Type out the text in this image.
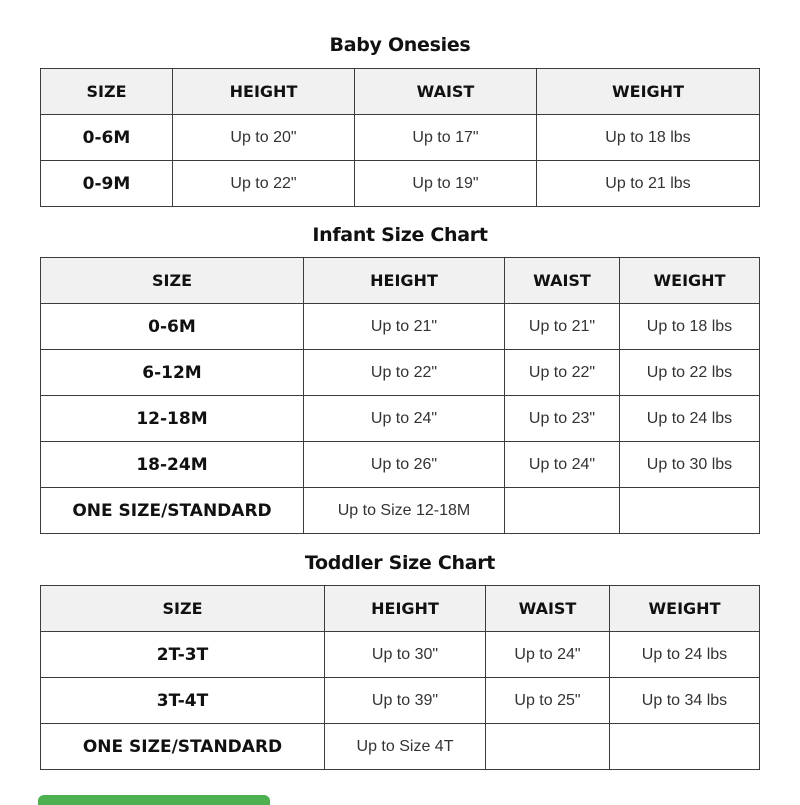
Baby Onesies
SIZE	HEIGHT	WAIST	WEIGHT
0-6M	Up to 20"	Up to 17"	Up to 18 lbs
0-9M	Up to 22"	Up to 19"	Up to 21 lbs
Infant Size Chart
SIZE	HEIGHT	WAIST	WEIGHT
0-6M	Up to 21"	Up to 21"	Up to 18 lbs
6-12M	Up to 22"	Up to 22"	Up to 22 lbs
12-18M	Up to 24"	Up to 23"	Up to 24 lbs
18-24M	Up to 26"	Up to 24"	Up to 30 lbs
ONE SIZE/STANDARD	Up to Size 12-18M		
Toddler Size Chart
SIZE	HEIGHT	WAIST	WEIGHT
2T-3T	Up to 30"	Up to 24"	Up to 24 lbs
3T-4T	Up to 39"	Up to 25"	Up to 34 lbs
ONE SIZE/STANDARD	Up to Size 4T		
